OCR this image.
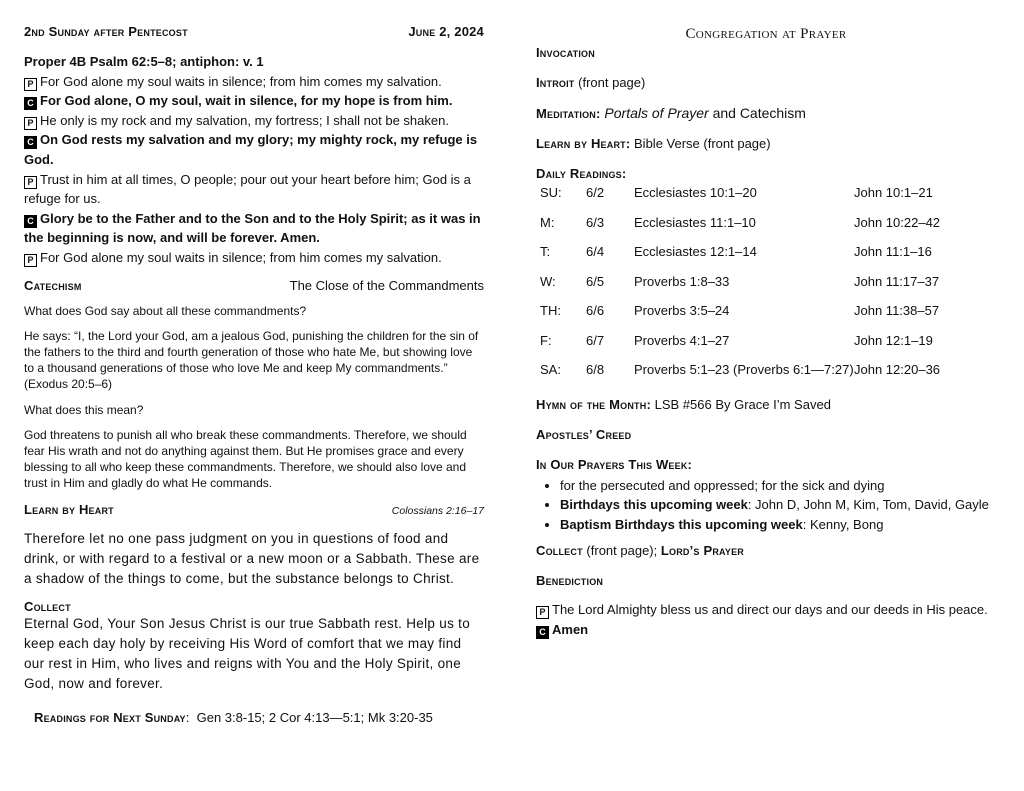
2nd Sunday after Pentecost	June 2, 2024

Proper 4B Psalm 62:5–8; antiphon: v. 1

P For God alone my soul waits in silence; from him comes my salvation.

C For God alone, O my soul, wait in silence, for my hope is from him.

P He only is my rock and my salvation, my fortress; I shall not be shaken.

C On God rests my salvation and my glory; my mighty rock, my refuge is God.

P Trust in him at all times, O people; pour out your heart before him; God is a refuge for us.

C Glory be to the Father and to the Son and to the Holy Spirit; as it was in the beginning is now, and will be forever. Amen.

P For God alone my soul waits in silence; from him comes my salvation.

Catechism	The Close of the Commandments

What does God say about all these commandments?

He says: “I, the Lord your God, am a jealous God, punishing the children for the sin of the fathers to the third and fourth generation of those who hate Me, but showing love to a thousand generations of those who love Me and keep My commandments.” (Exodus 20:5–6)

What does this mean?

God threatens to punish all who break these commandments. Therefore, we should fear His wrath and not do anything against them. But He promises grace and every blessing to all who keep these commandments. Therefore, we should also love and trust in Him and gladly do what He commands.

Learn by Heart	Colossians 2:16–17
Therefore let no one pass judgment on you in questions of food and drink, or with regard to a festival or a new moon or a Sabbath. These are a shadow of the things to come, but the substance belongs to Christ.
Collect
Eternal God, Your Son Jesus Christ is our true Sabbath rest. Help us to keep each day holy by receiving His Word of comfort that we may find our rest in Him, who lives and reigns with You and the Holy Spirit, one God, now and forever.
Readings for Next Sunday:  Gen 3:8-15; 2 Cor 4:13—5:1; Mk 3:20-35
Congregation at Prayer
Invocation
Introit (front page)
Meditation: Portals of Prayer and Catechism
Learn by Heart: Bible Verse (front page)
Daily Readings:
SU:	6/2	Ecclesiastes 10:1–20	John 10:1–21
M:	6/3	Ecclesiastes 11:1–10	John 10:22–42
T:	6/4	Ecclesiastes 12:1–14	John 11:1–16
W:	6/5	Proverbs 1:8–33	John 11:17–37
TH:	6/6	Proverbs 3:5–24	John 11:38–57
F:	6/7	Proverbs 4:1–27	John 12:1–19
SA:	6/8	Proverbs 5:1–23 (Proverbs 6:1—7:27)	John 12:20–36
Hymn of the Month: LSB #566 By Grace I’m Saved
Apostles’ Creed
In Our Prayers This Week:
• for the persecuted and oppressed; for the sick and dying
• Birthdays this upcoming week: John D, John M, Kim, Tom, David, Gayle
• Baptism Birthdays this upcoming week: Kenny, Bong
Collect (front page); Lord’s Prayer
Benediction
P The Lord Almighty bless us and direct our days and our deeds in His peace.
C Amen
